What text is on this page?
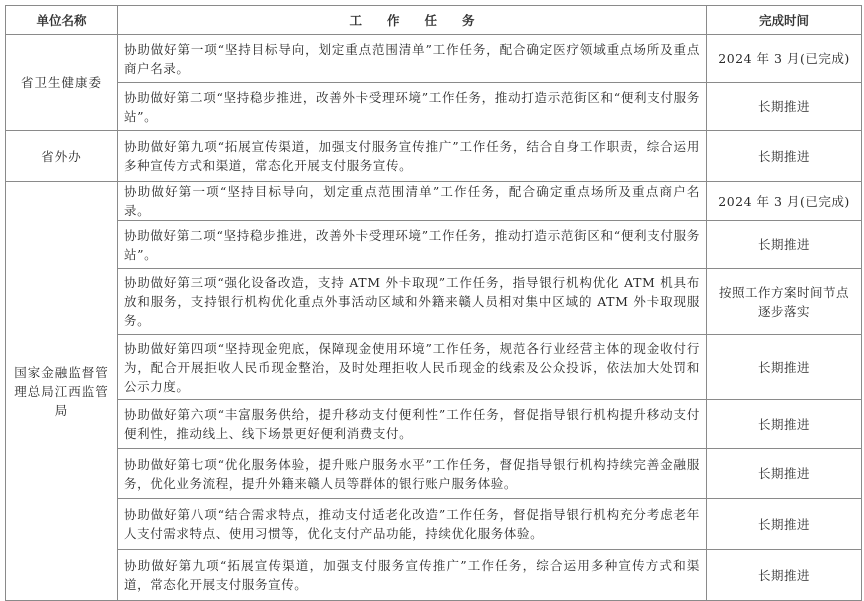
单位名称	工　　作　　任　　务	完成时间
省卫生健康委	协助做好第一项“坚持目标导向，划定重点范围清单”工作任务，配合确定医疗领域重点场所及重点商户名录。	2024 年 3 月(已完成)
	协助做好第二项“坚持稳步推进，改善外卡受理环境”工作任务，推动打造示范街区和“便利支付服务站”。	长期推进
省外办	协助做好第九项“拓展宣传渠道，加强支付服务宣传推广”工作任务，结合自身工作职责，综合运用多种宣传方式和渠道，常态化开展支付服务宣传。	长期推进
国家金融监督管理总局江西监管局	协助做好第一项“坚持目标导向，划定重点范围清单”工作任务，配合确定重点场所及重点商户名录。	2024 年 3 月(已完成)
	协助做好第二项“坚持稳步推进，改善外卡受理环境”工作任务，推动打造示范街区和“便利支付服务站”。	长期推进
	协助做好第三项“强化设备改造，支持 ATM 外卡取现”工作任务，指导银行机构优化 ATM 机具布放和服务，支持银行机构优化重点外事活动区域和外籍来赣人员相对集中区域的 ATM 外卡取现服务。	按照工作方案时间节点逐步落实
	协助做好第四项“坚持现金兜底，保障现金使用环境”工作任务，规范各行业经营主体的现金收付行为，配合开展拒收人民币现金整治，及时处理拒收人民币现金的线索及公众投诉，依法加大处罚和公示力度。	长期推进
	协助做好第六项“丰富服务供给，提升移动支付便利性”工作任务，督促指导银行机构提升移动支付便利性，推动线上、线下场景更好便利消费支付。	长期推进
	协助做好第七项“优化服务体验，提升账户服务水平”工作任务，督促指导银行机构持续完善金融服务，优化业务流程，提升外籍来赣人员等群体的银行账户服务体验。	长期推进
	协助做好第八项“结合需求特点，推动支付适老化改造”工作任务，督促指导银行机构充分考虑老年人支付需求特点、使用习惯等，优化支付产品功能，持续优化服务体验。	长期推进
	协助做好第九项“拓展宣传渠道，加强支付服务宣传推广”工作任务，综合运用多种宣传方式和渠道，常态化开展支付服务宣传。	长期推进
